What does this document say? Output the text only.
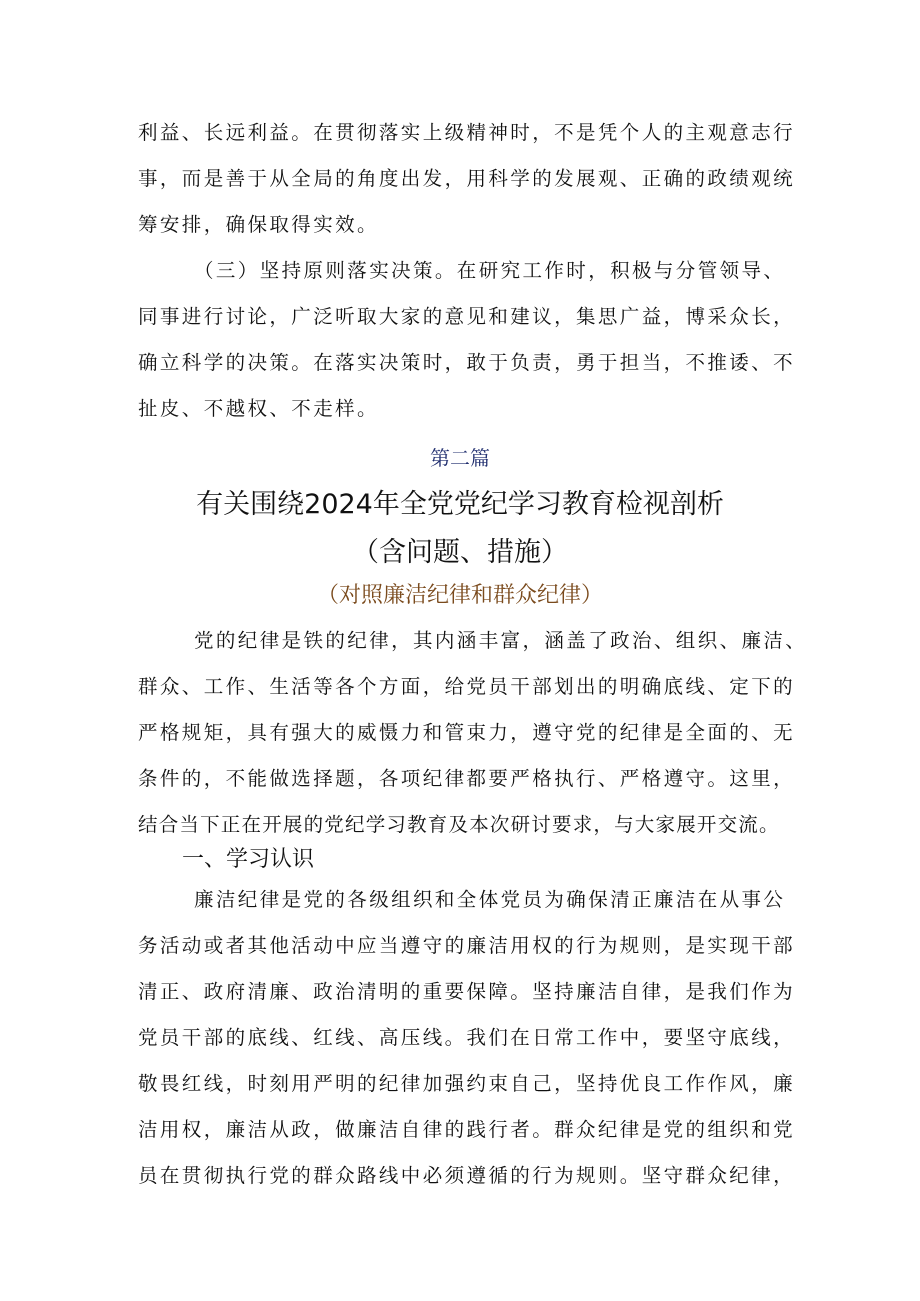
利益、长远利益。在贯彻落实上级精神时，不是凭个人的主观意志行
事，而是善于从全局的角度出发，用科学的发展观、正确的政绩观统
筹安排，确保取得实效。
（三）坚持原则落实决策。在研究工作时，积极与分管领导、
同事进行讨论，广泛听取大家的意见和建议，集思广益，博采众长，
确立科学的决策。在落实决策时，敢于负责，勇于担当，不推诿、不
扯皮、不越权、不走样。
第二篇
有关围绕2024年全党党纪学习教育检视剖析
（含问题、措施）
（对照廉洁纪律和群众纪律）
党的纪律是铁的纪律，其内涵丰富，涵盖了政治、组织、廉洁、
群众、工作、生活等各个方面，给党员干部划出的明确底线、定下的
严格规矩，具有强大的威慑力和管束力，遵守党的纪律是全面的、无
条件的，不能做选择题，各项纪律都要严格执行、严格遵守。这里，
结合当下正在开展的党纪学习教育及本次研讨要求，与大家展开交流。
一、学习认识
廉洁纪律是党的各级组织和全体党员为确保清正廉洁在从事公
务活动或者其他活动中应当遵守的廉洁用权的行为规则，是实现干部
清正、政府清廉、政治清明的重要保障。坚持廉洁自律，是我们作为
党员干部的底线、红线、高压线。我们在日常工作中，要坚守底线，
敬畏红线，时刻用严明的纪律加强约束自己，坚持优良工作作风，廉
洁用权，廉洁从政，做廉洁自律的践行者。群众纪律是党的组织和党
员在贯彻执行党的群众路线中必须遵循的行为规则。坚守群众纪律，
